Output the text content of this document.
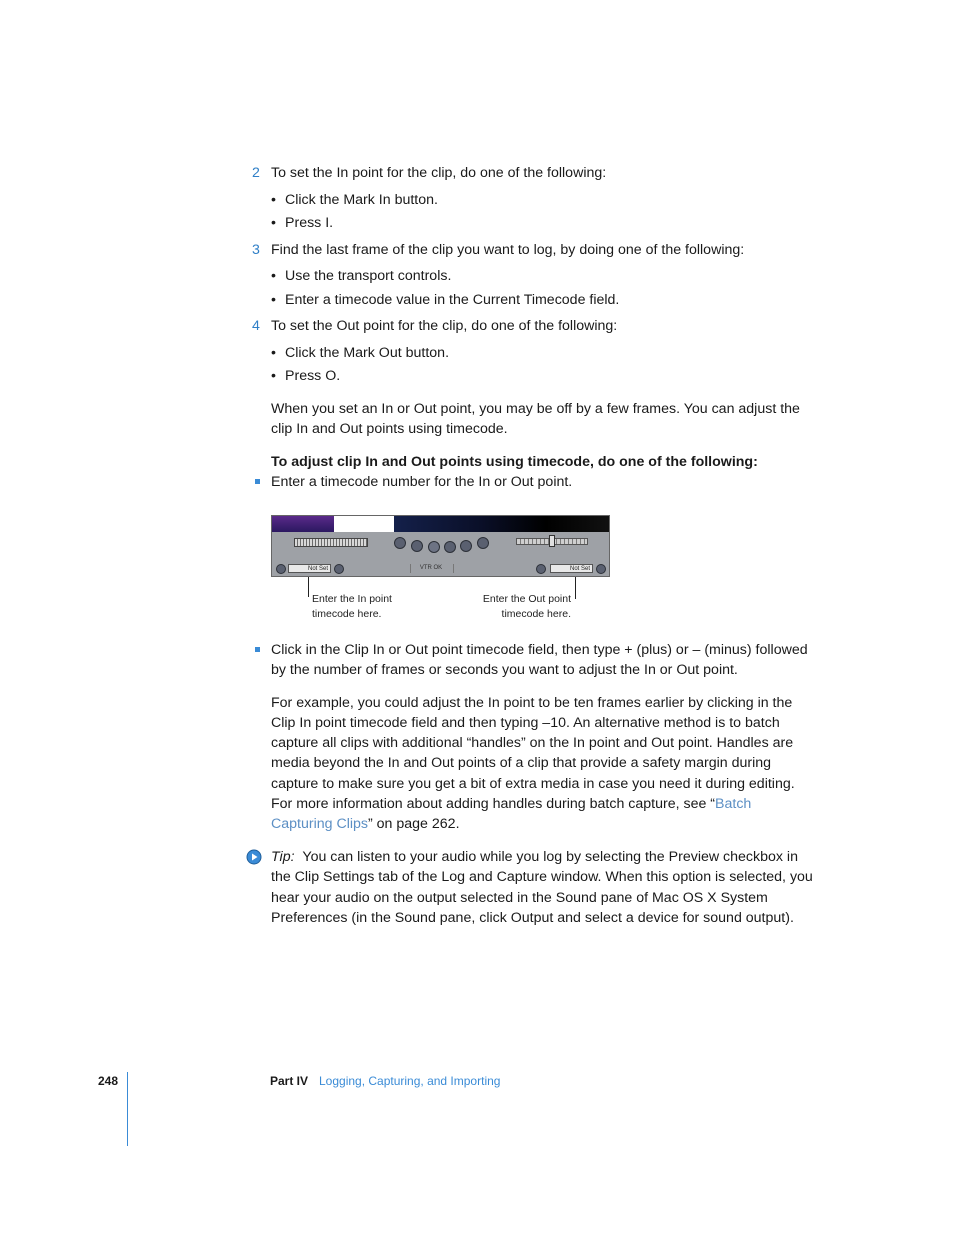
2 To set the In point for the clip, do one of the following:
• Click the Mark In button.
• Press I.
3 Find the last frame of the clip you want to log, by doing one of the following:
• Use the transport controls.
• Enter a timecode value in the Current Timecode field.
4 To set the Out point for the clip, do one of the following:
• Click the Mark Out button.
• Press O.
When you set an In or Out point, you may be off by a few frames. You can adjust the
clip In and Out points using timecode.
To adjust clip In and Out points using timecode, do one of the following:
Enter a timecode number for the In or Out point.
Not Set	VTR OK	Not Set
Enter the In point
timecode here.
Enter the Out point
timecode here.
Click in the Clip In or Out point timecode field, then type + (plus) or – (minus) followed
by the number of frames or seconds you want to adjust the In or Out point.
For example, you could adjust the In point to be ten frames earlier by clicking in the
Clip In point timecode field and then typing –10. An alternative method is to batch
capture all clips with additional “handles” on the In point and Out point. Handles are
media beyond the In and Out points of a clip that provide a safety margin during
capture to make sure you get a bit of extra media in case you need it during editing.
For more information about adding handles during batch capture, see “Batch
Capturing Clips” on page 262.
Tip: You can listen to your audio while you log by selecting the Preview checkbox in
the Clip Settings tab of the Log and Capture window. When this option is selected, you
hear your audio on the output selected in the Sound pane of Mac OS X System
Preferences (in the Sound pane, click Output and select a device for sound output).
248	Part IV Logging, Capturing, and Importing
